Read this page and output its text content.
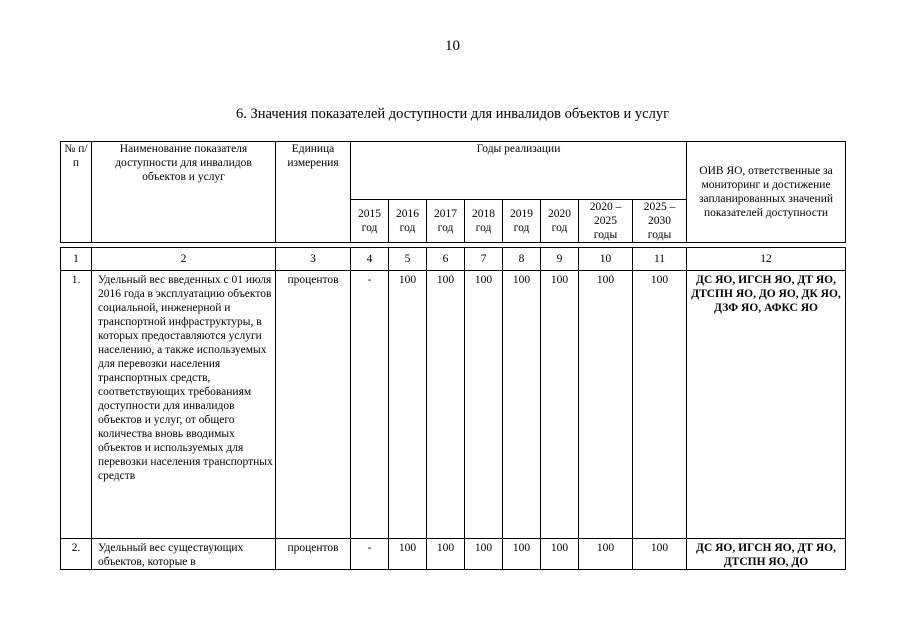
10
6. Значения показателей доступности для инвалидов объектов и услуг
№ п/п	Наименование показателя доступности для инвалидов объектов и услуг	Единица измерения	Годы реализации								ОИВ ЯО, ответственные за мониторинг и достижение запланированных значений показателей доступности
			2015 год	2016 год	2017 год	2018 год	2019 год	2020 год	2020 – 2025 годы	2025 – 2030 годы	

1	2	3	4	5	6	7	8	9	10	11	12
1.	Удельный вес введенных с 01 июля 2016 года в эксплуатацию объектов социальной, инженерной и транспортной инфраструктуры, в которых предоставляются услуги населению, а также используемых для перевозки населения транспортных средств, соответствующих требованиям доступности для инвалидов объектов и услуг, от общего количества вновь вводимых объектов и используемых для перевозки населения транспортных средств	процентов	-	100	100	100	100	100	100	100	ДС ЯО, ИГСН ЯО, ДТ ЯО, ДТСПН ЯО, ДО ЯО, ДК ЯО, ДЗФ ЯО, АФКС ЯО
2.	Удельный вес существующих объектов, которые в	процентов	-	100	100	100	100	100	100	100	ДС ЯО, ИГСН ЯО, ДТ ЯО, ДТСПН ЯО, ДО
